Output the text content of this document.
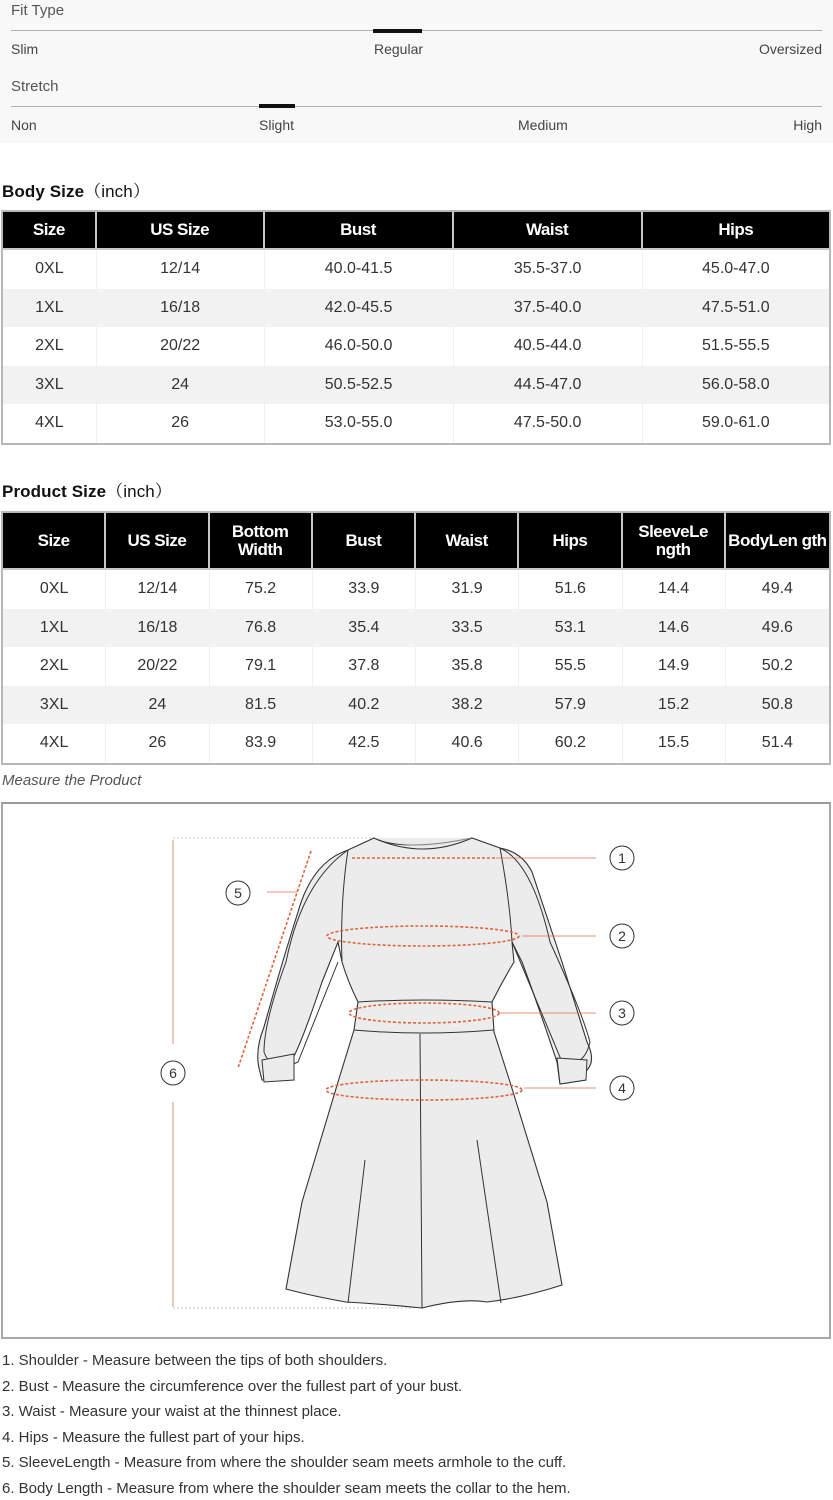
Fit Type
Slim	Regular	Oversized
Stretch
Non	Slight	Medium	High
Body Size（inch）
Size	US Size	Bust	Waist	Hips
0XL	12/14	40.0-41.5	35.5-37.0	45.0-47.0
1XL	16/18	42.0-45.5	37.5-40.0	47.5-51.0
2XL	20/22	46.0-50.0	40.5-44.0	51.5-55.5
3XL	24	50.5-52.5	44.5-47.0	56.0-58.0
4XL	26	53.0-55.0	47.5-50.0	59.0-61.0
Product Size（inch）
Size	US Size	Bottom Width	Bust	Waist	Hips	SleeveLe ngth	BodyLen gth
0XL	12/14	75.2	33.9	31.9	51.6	14.4	49.4
1XL	16/18	76.8	35.4	33.5	53.1	14.6	49.6
2XL	20/22	79.1	37.8	35.8	55.5	14.9	50.2
3XL	24	81.5	40.2	38.2	57.9	15.2	50.8
4XL	26	83.9	42.5	40.6	60.2	15.5	51.4
Measure the Product
1
2
3
4
5
6
1. Shoulder - Measure between the tips of both shoulders.
2. Bust - Measure the circumference over the fullest part of your bust.
3. Waist - Measure your waist at the thinnest place.
4. Hips - Measure the fullest part of your hips.
5. SleeveLength - Measure from where the shoulder seam meets armhole to the cuff.
6. Body Length - Measure from where the shoulder seam meets the collar to the hem.
